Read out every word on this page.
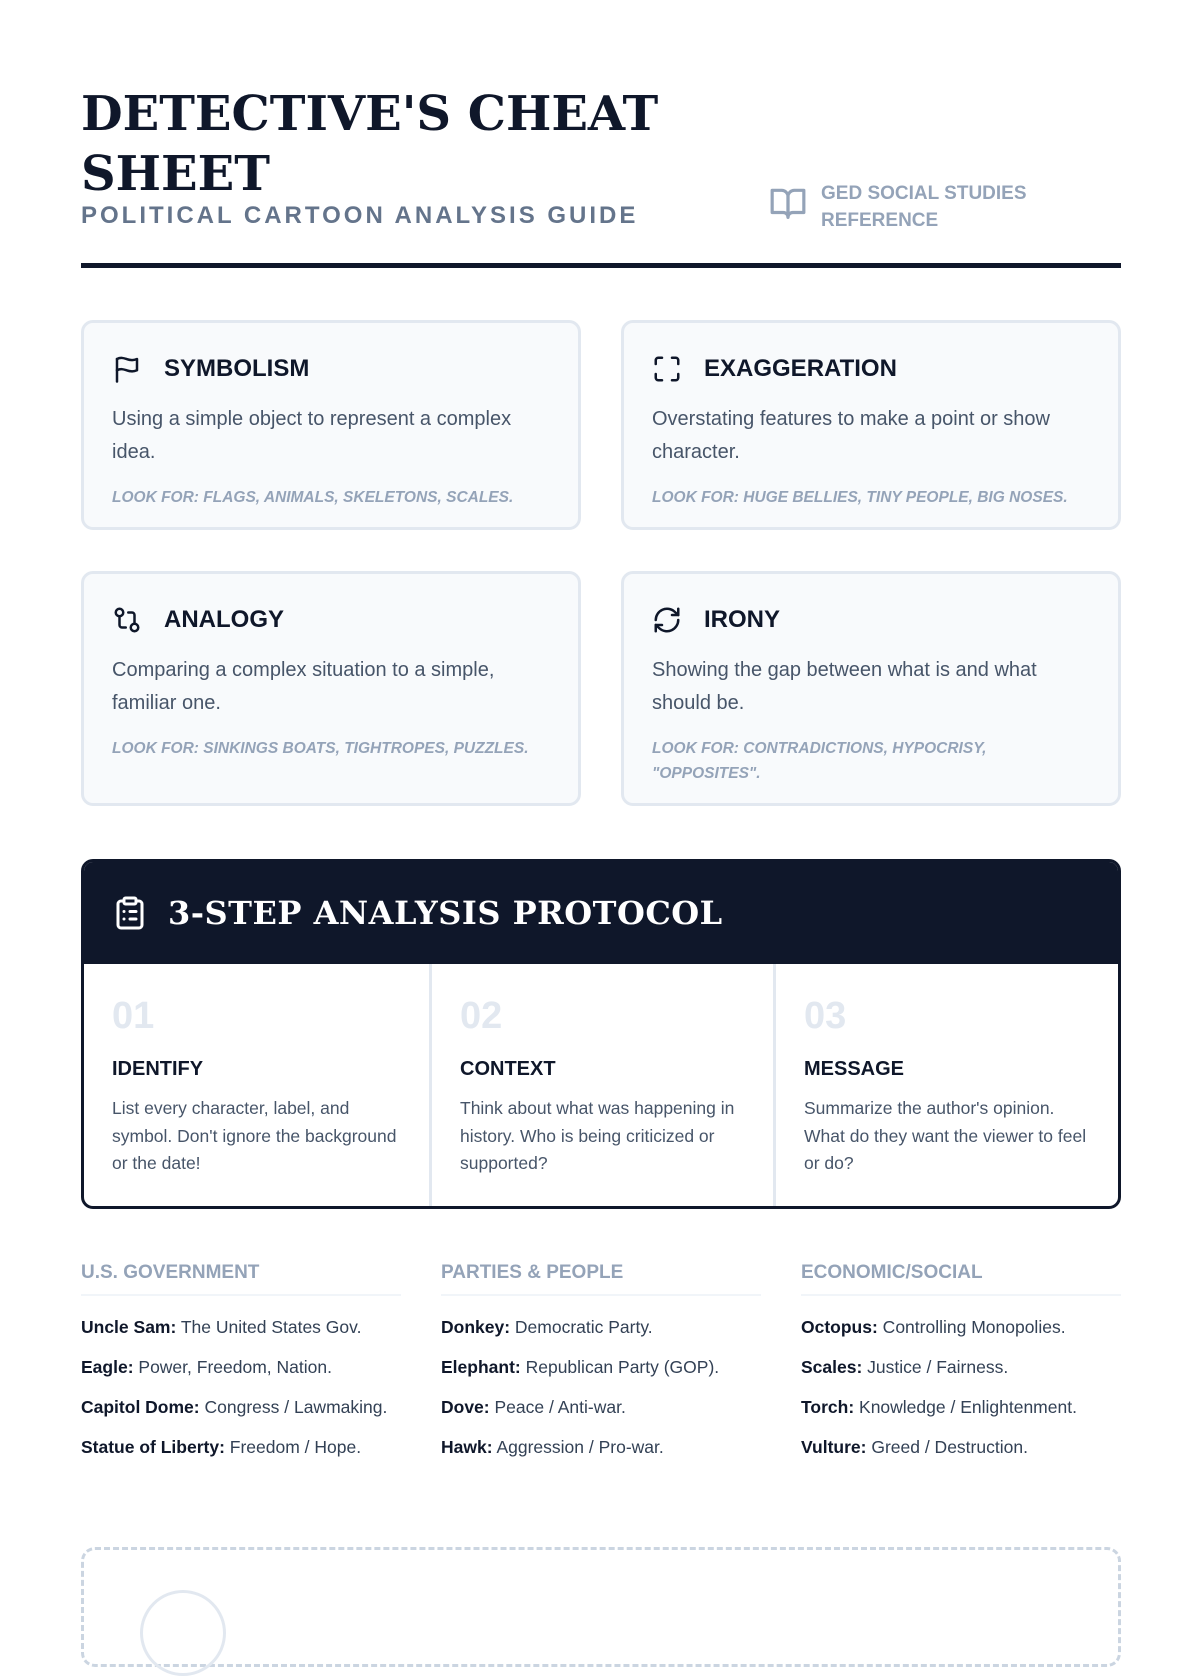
DETECTIVE'S CHEAT SHEET
POLITICAL CARTOON ANALYSIS GUIDE
GED SOCIAL STUDIES REFERENCE
SYMBOLISM
Using a simple object to represent a complex idea.
LOOK FOR: FLAGS, ANIMALS, SKELETONS, SCALES.
EXAGGERATION
Overstating features to make a point or show character.
LOOK FOR: HUGE BELLIES, TINY PEOPLE, BIG NOSES.
ANALOGY
Comparing a complex situation to a simple, familiar one.
LOOK FOR: SINKINGS BOATS, TIGHTROPES, PUZZLES.
IRONY
Showing the gap between what is and what should be.
LOOK FOR: CONTRADICTIONS, HYPOCRISY, "OPPOSITES".
3-STEP ANALYSIS PROTOCOL
01
IDENTIFY
List every character, label, and symbol. Don't ignore the background or the date!
02
CONTEXT
Think about what was happening in history. Who is being criticized or supported?
03
MESSAGE
Summarize the author's opinion. What do they want the viewer to feel or do?
U.S. GOVERNMENT
Uncle Sam: The United States Gov.
Eagle: Power, Freedom, Nation.
Capitol Dome: Congress / Lawmaking.
Statue of Liberty: Freedom / Hope.
PARTIES & PEOPLE
Donkey: Democratic Party.
Elephant: Republican Party (GOP).
Dove: Peace / Anti-war.
Hawk: Aggression / Pro-war.
ECONOMIC/SOCIAL
Octopus: Controlling Monopolies.
Scales: Justice / Fairness.
Torch: Knowledge / Enlightenment.
Vulture: Greed / Destruction.
